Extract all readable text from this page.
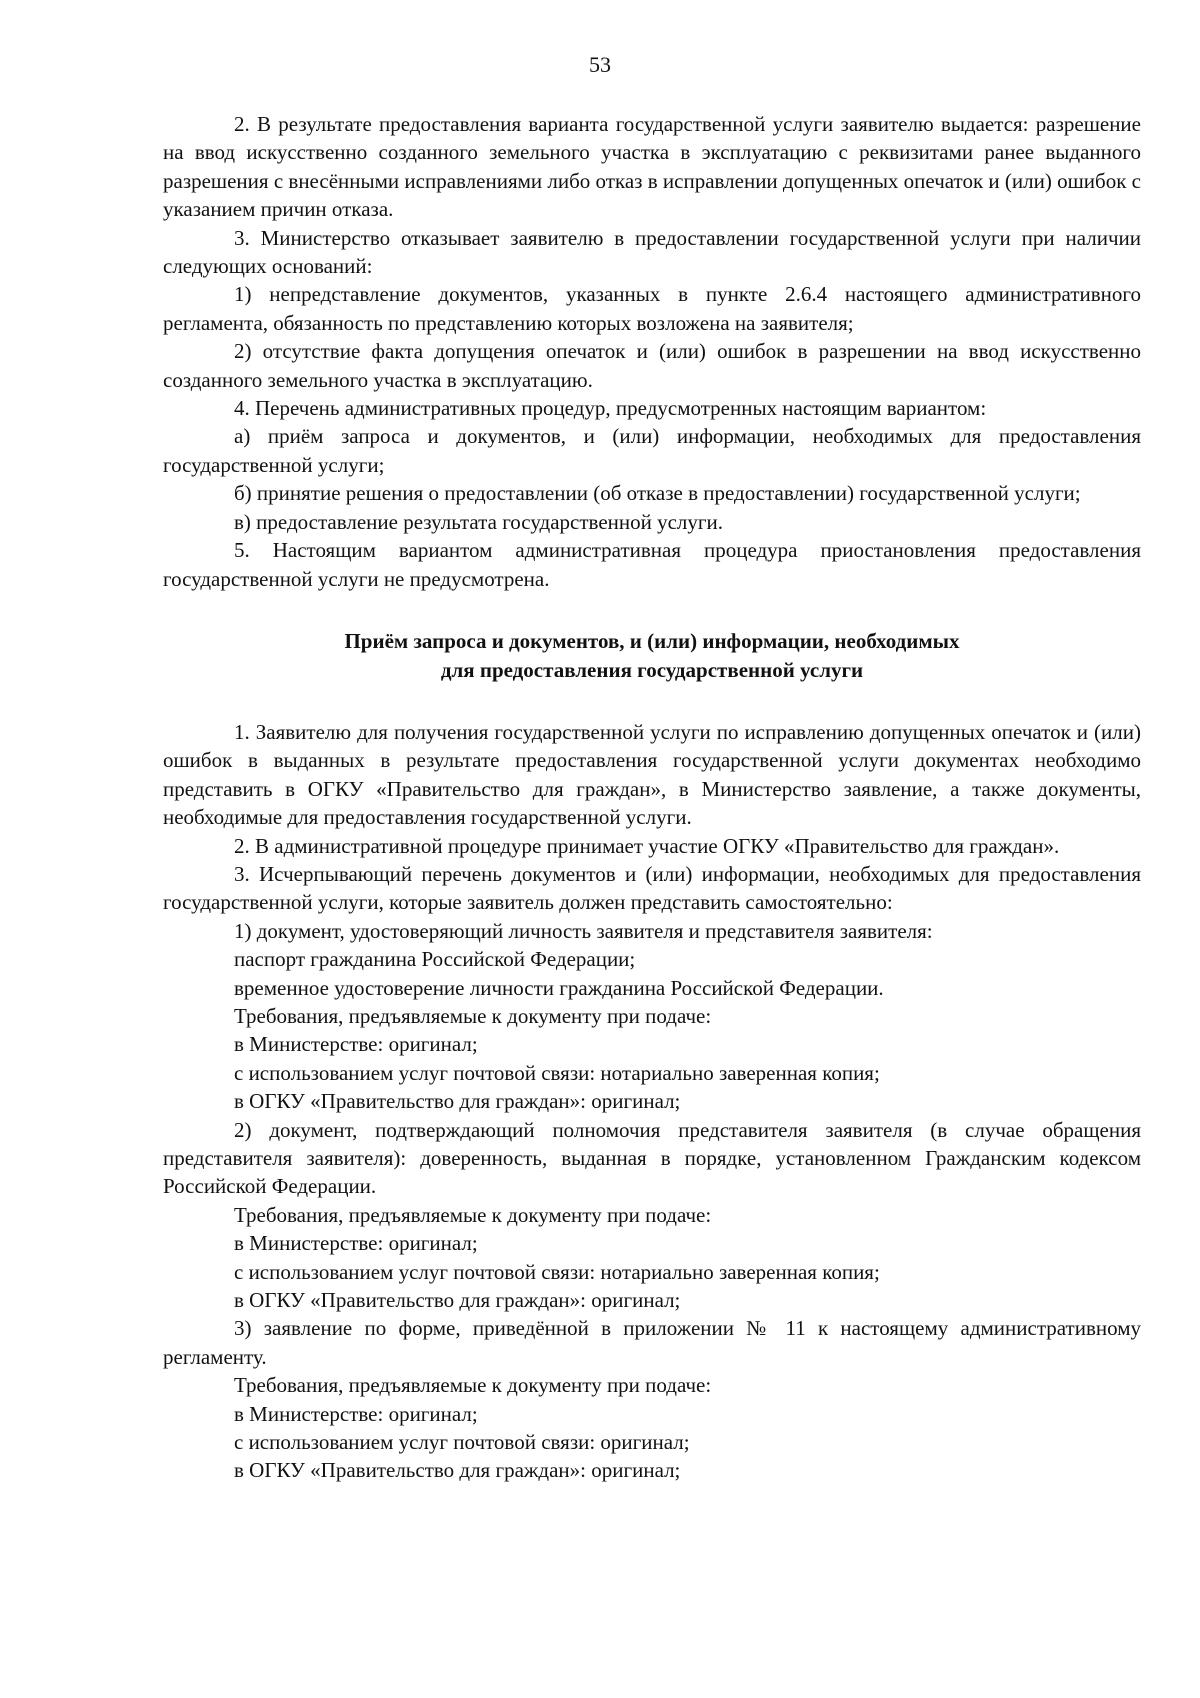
53

2. В результате предоставления варианта государственной услуги заявителю выдается: разрешение на ввод искусственно созданного земельного участка в эксплуатацию с реквизитами ранее выданного разрешения с внесёнными исправлениями либо отказ в исправлении допущенных опечаток и (или) ошибок с указанием причин отказа.

3. Министерство отказывает заявителю в предоставлении государственной услуги при наличии следующих оснований:

1) непредставление документов, указанных в пункте 2.6.4 настоящего административного регламента, обязанность по представлению которых возложена на заявителя;

2) отсутствие факта допущения опечаток и (или) ошибок в разрешении на ввод искусственно созданного земельного участка в эксплуатацию.

4. Перечень административных процедур, предусмотренных настоящим вариантом:

а) приём запроса и документов, и (или) информации, необходимых для предоставления государственной услуги;

б) принятие решения о предоставлении (об отказе в предоставлении) государственной услуги;

в) предоставление результата государственной услуги.

5. Настоящим вариантом административная процедура приостановления предоставления государственной услуги не предусмотрена.

Приём запроса и документов, и (или) информации, необходимых
для предоставления государственной услуги

1. Заявителю для получения государственной услуги по исправлению допущенных опечаток и (или) ошибок в выданных в результате предоставления государственной услуги документах необходимо представить в ОГКУ «Правительство для граждан», в Министерство заявление, а также документы, необходимые для предоставления государственной услуги.

2. В административной процедуре принимает участие ОГКУ «Правительство для граждан».

3. Исчерпывающий перечень документов и (или) информации, необходимых для предоставления государственной услуги, которые заявитель должен представить самостоятельно:

1) документ, удостоверяющий личность заявителя и представителя заявителя:

паспорт гражданина Российской Федерации;

временное удостоверение личности гражданина Российской Федерации.

Требования, предъявляемые к документу при подаче:

в Министерстве: оригинал;

с использованием услуг почтовой связи: нотариально заверенная копия;

в ОГКУ «Правительство для граждан»: оригинал;

2) документ, подтверждающий полномочия представителя заявителя (в случае обращения представителя заявителя): доверенность, выданная в порядке, установленном Гражданским кодексом Российской Федерации.

Требования, предъявляемые к документу при подаче:

в Министерстве: оригинал;

с использованием услуг почтовой связи: нотариально заверенная копия;

в ОГКУ «Правительство для граждан»: оригинал;

3) заявление по форме, приведённой в приложении № 11 к настоящему административному регламенту.

Требования, предъявляемые к документу при подаче:

в Министерстве: оригинал;

с использованием услуг почтовой связи: оригинал;

в ОГКУ «Правительство для граждан»: оригинал;
